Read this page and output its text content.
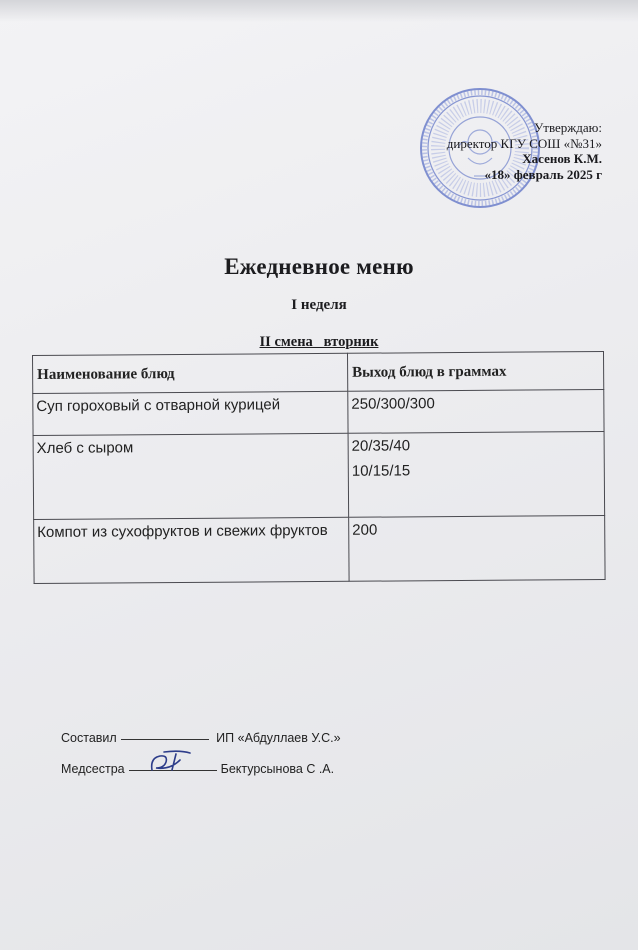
Утверждаю:
директор КГУ СОШ «№31»
Хасенов К.М.
«18» февраль 2025 г
Ежедневное меню
I неделя
II смена   вторник
Наименование блюд	Выход блюд в граммах
Суп гороховый с отварной курицей	250/300/300
Хлеб с сыром	20/35/40
10/15/15

Компот из сухофруктов и свежих фруктов	200
Составил	ИП «Абдуллаев У.С.»
Медсестра	Бектурсынова С .А.
